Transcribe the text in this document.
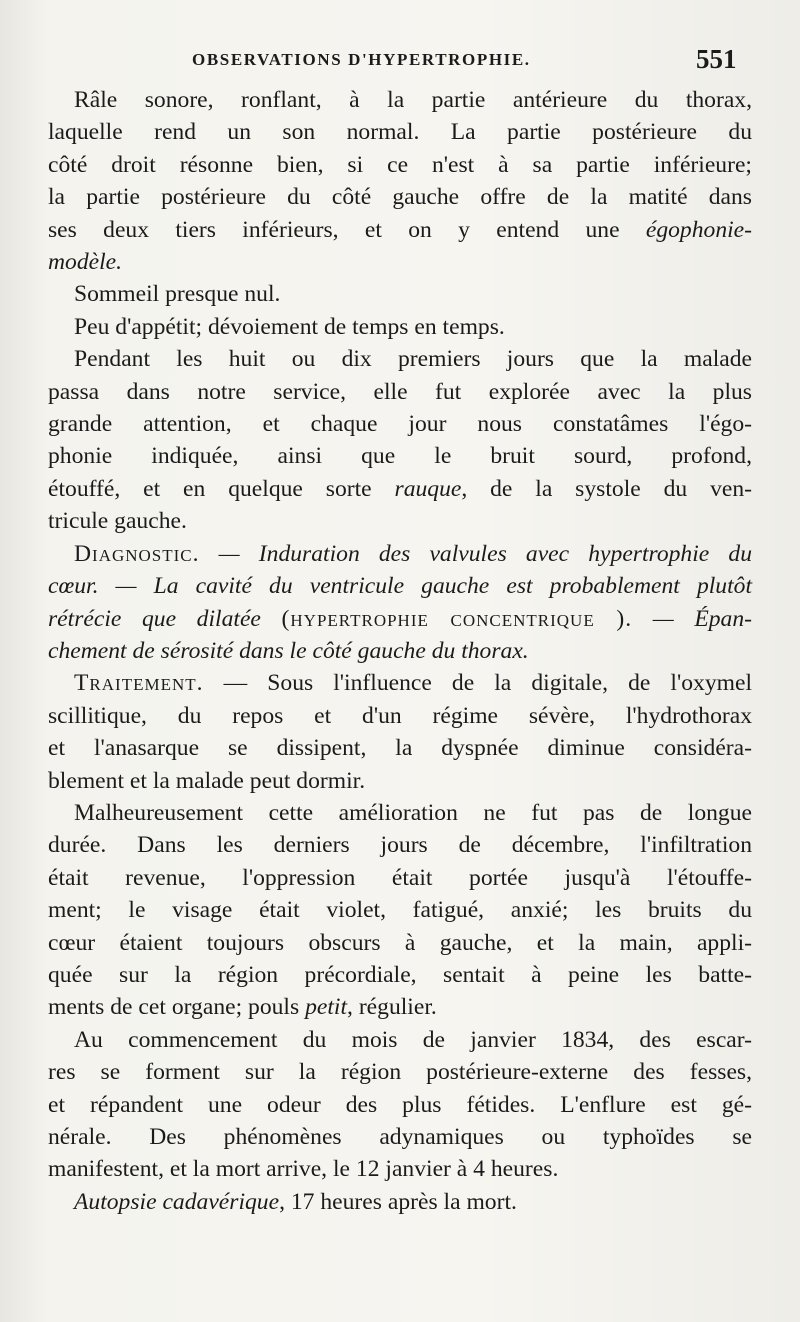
OBSERVATIONS D'HYPERTROPHIE.	551
Râle sonore, ronflant, à la partie antérieure du thorax,
laquelle rend un son normal. La partie postérieure du
côté droit résonne bien, si ce n'est à sa partie inférieure;
la partie postérieure du côté gauche offre de la matité dans
ses deux tiers inférieurs, et on y entend une égophonie-
modèle.
Sommeil presque nul.
Peu d'appétit; dévoiement de temps en temps.
Pendant les huit ou dix premiers jours que la malade
passa dans notre service, elle fut explorée avec la plus
grande attention, et chaque jour nous constatâmes l'égo-
phonie indiquée, ainsi que le bruit sourd, profond,
étouffé, et en quelque sorte rauque, de la systole du ven-
tricule gauche.
Diagnostic. — Induration des valvules avec hypertrophie du
cœur. — La cavité du ventricule gauche est probablement plutôt
rétrécie que dilatée (hypertrophie concentrique ). — Épan-
chement de sérosité dans le côté gauche du thorax.
Traitement. — Sous l'influence de la digitale, de l'oxymel
scillitique, du repos et d'un régime sévère, l'hydrothorax
et l'anasarque se dissipent, la dyspnée diminue considéra-
blement et la malade peut dormir.
Malheureusement cette amélioration ne fut pas de longue
durée. Dans les derniers jours de décembre, l'infiltration
était revenue, l'oppression était portée jusqu'à l'étouffe-
ment; le visage était violet, fatigué, anxié; les bruits du
cœur étaient toujours obscurs à gauche, et la main, appli-
quée sur la région précordiale, sentait à peine les batte-
ments de cet organe; pouls petit, régulier.
Au commencement du mois de janvier 1834, des escar-
res se forment sur la région postérieure-externe des fesses,
et répandent une odeur des plus fétides. L'enflure est gé-
nérale. Des phénomènes adynamiques ou typhoïdes se
manifestent, et la mort arrive, le 12 janvier à 4 heures.
Autopsie cadavérique, 17 heures après la mort.
